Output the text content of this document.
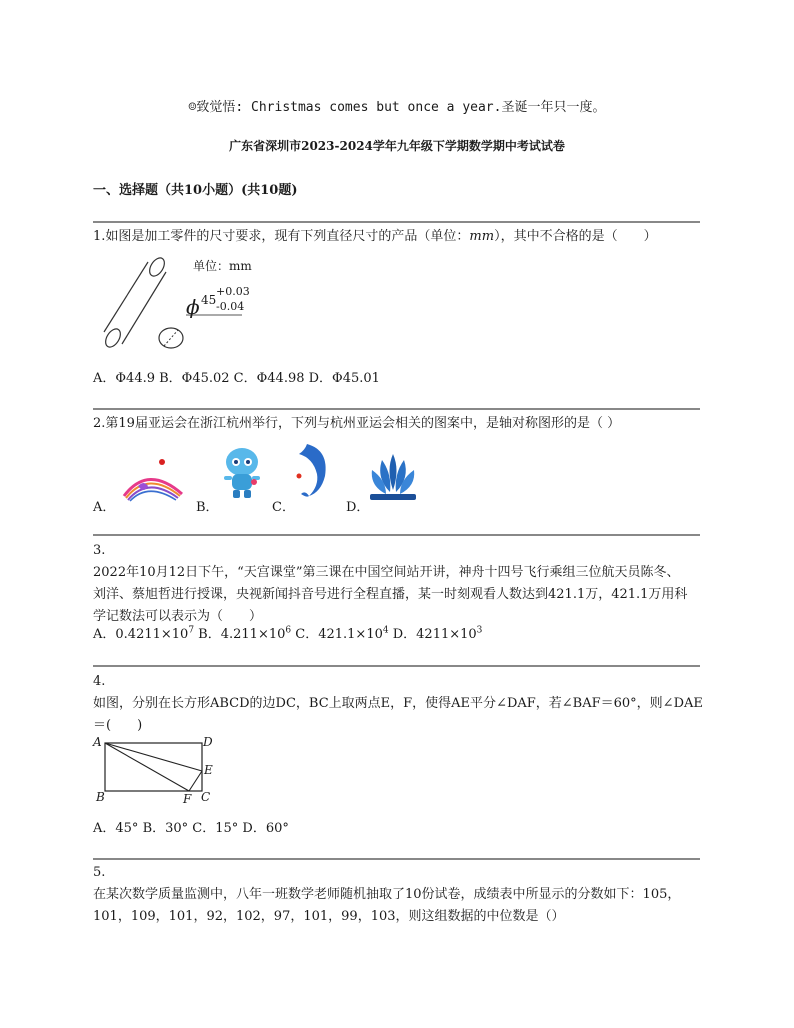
☺致觉悟: Christmas comes but once a year.圣诞一年只一度。
广东省深圳市2023-2024学年九年级下学期数学期中考试试卷
一、选择题（共10小题）(共10题)
1.如图是加工零件的尺寸要求，现有下列直径尺寸的产品（单位：mm），其中不合格的是（　　）
单位：mm
ϕ 45
+0.03
-0.04
A．Φ44.9 B．Φ45.02 C．Φ44.98 D．Φ45.01
2.第19届亚运会在浙江杭州举行，下列与杭州亚运会相关的图案中，是轴对称图形的是（ ）
A．	B．	C．	D．
3.
2022年10月12日下午，“天宫课堂”第三课在中国空间站开讲，神舟十四号飞行乘组三位航天员陈冬、
刘洋、蔡旭哲进行授课，央视新闻抖音号进行全程直播，某一时刻观看人数达到421.1万，421.1万用科
学记数法可以表示为（　　）
A．$0.4211\times 10^7$ B．$4.211\times 10^6$ C．$421.1\times 10^4$ D．$4211\times 10^3$
4.
如图，分别在长方形ABCD的边DC，BC上取两点E，F，使得AE平分∠DAF，若∠BAF＝60°，则∠DAE
＝(　　)
A	D
E
B	F C
A．45° B．30° C．15° D．60°
5.
在某次数学质量监测中，八年一班数学老师随机抽取了10份试卷，成绩表中所显示的分数如下：105，
101，109，101，92，102，97，101，99，103，则这组数据的中位数是（）
